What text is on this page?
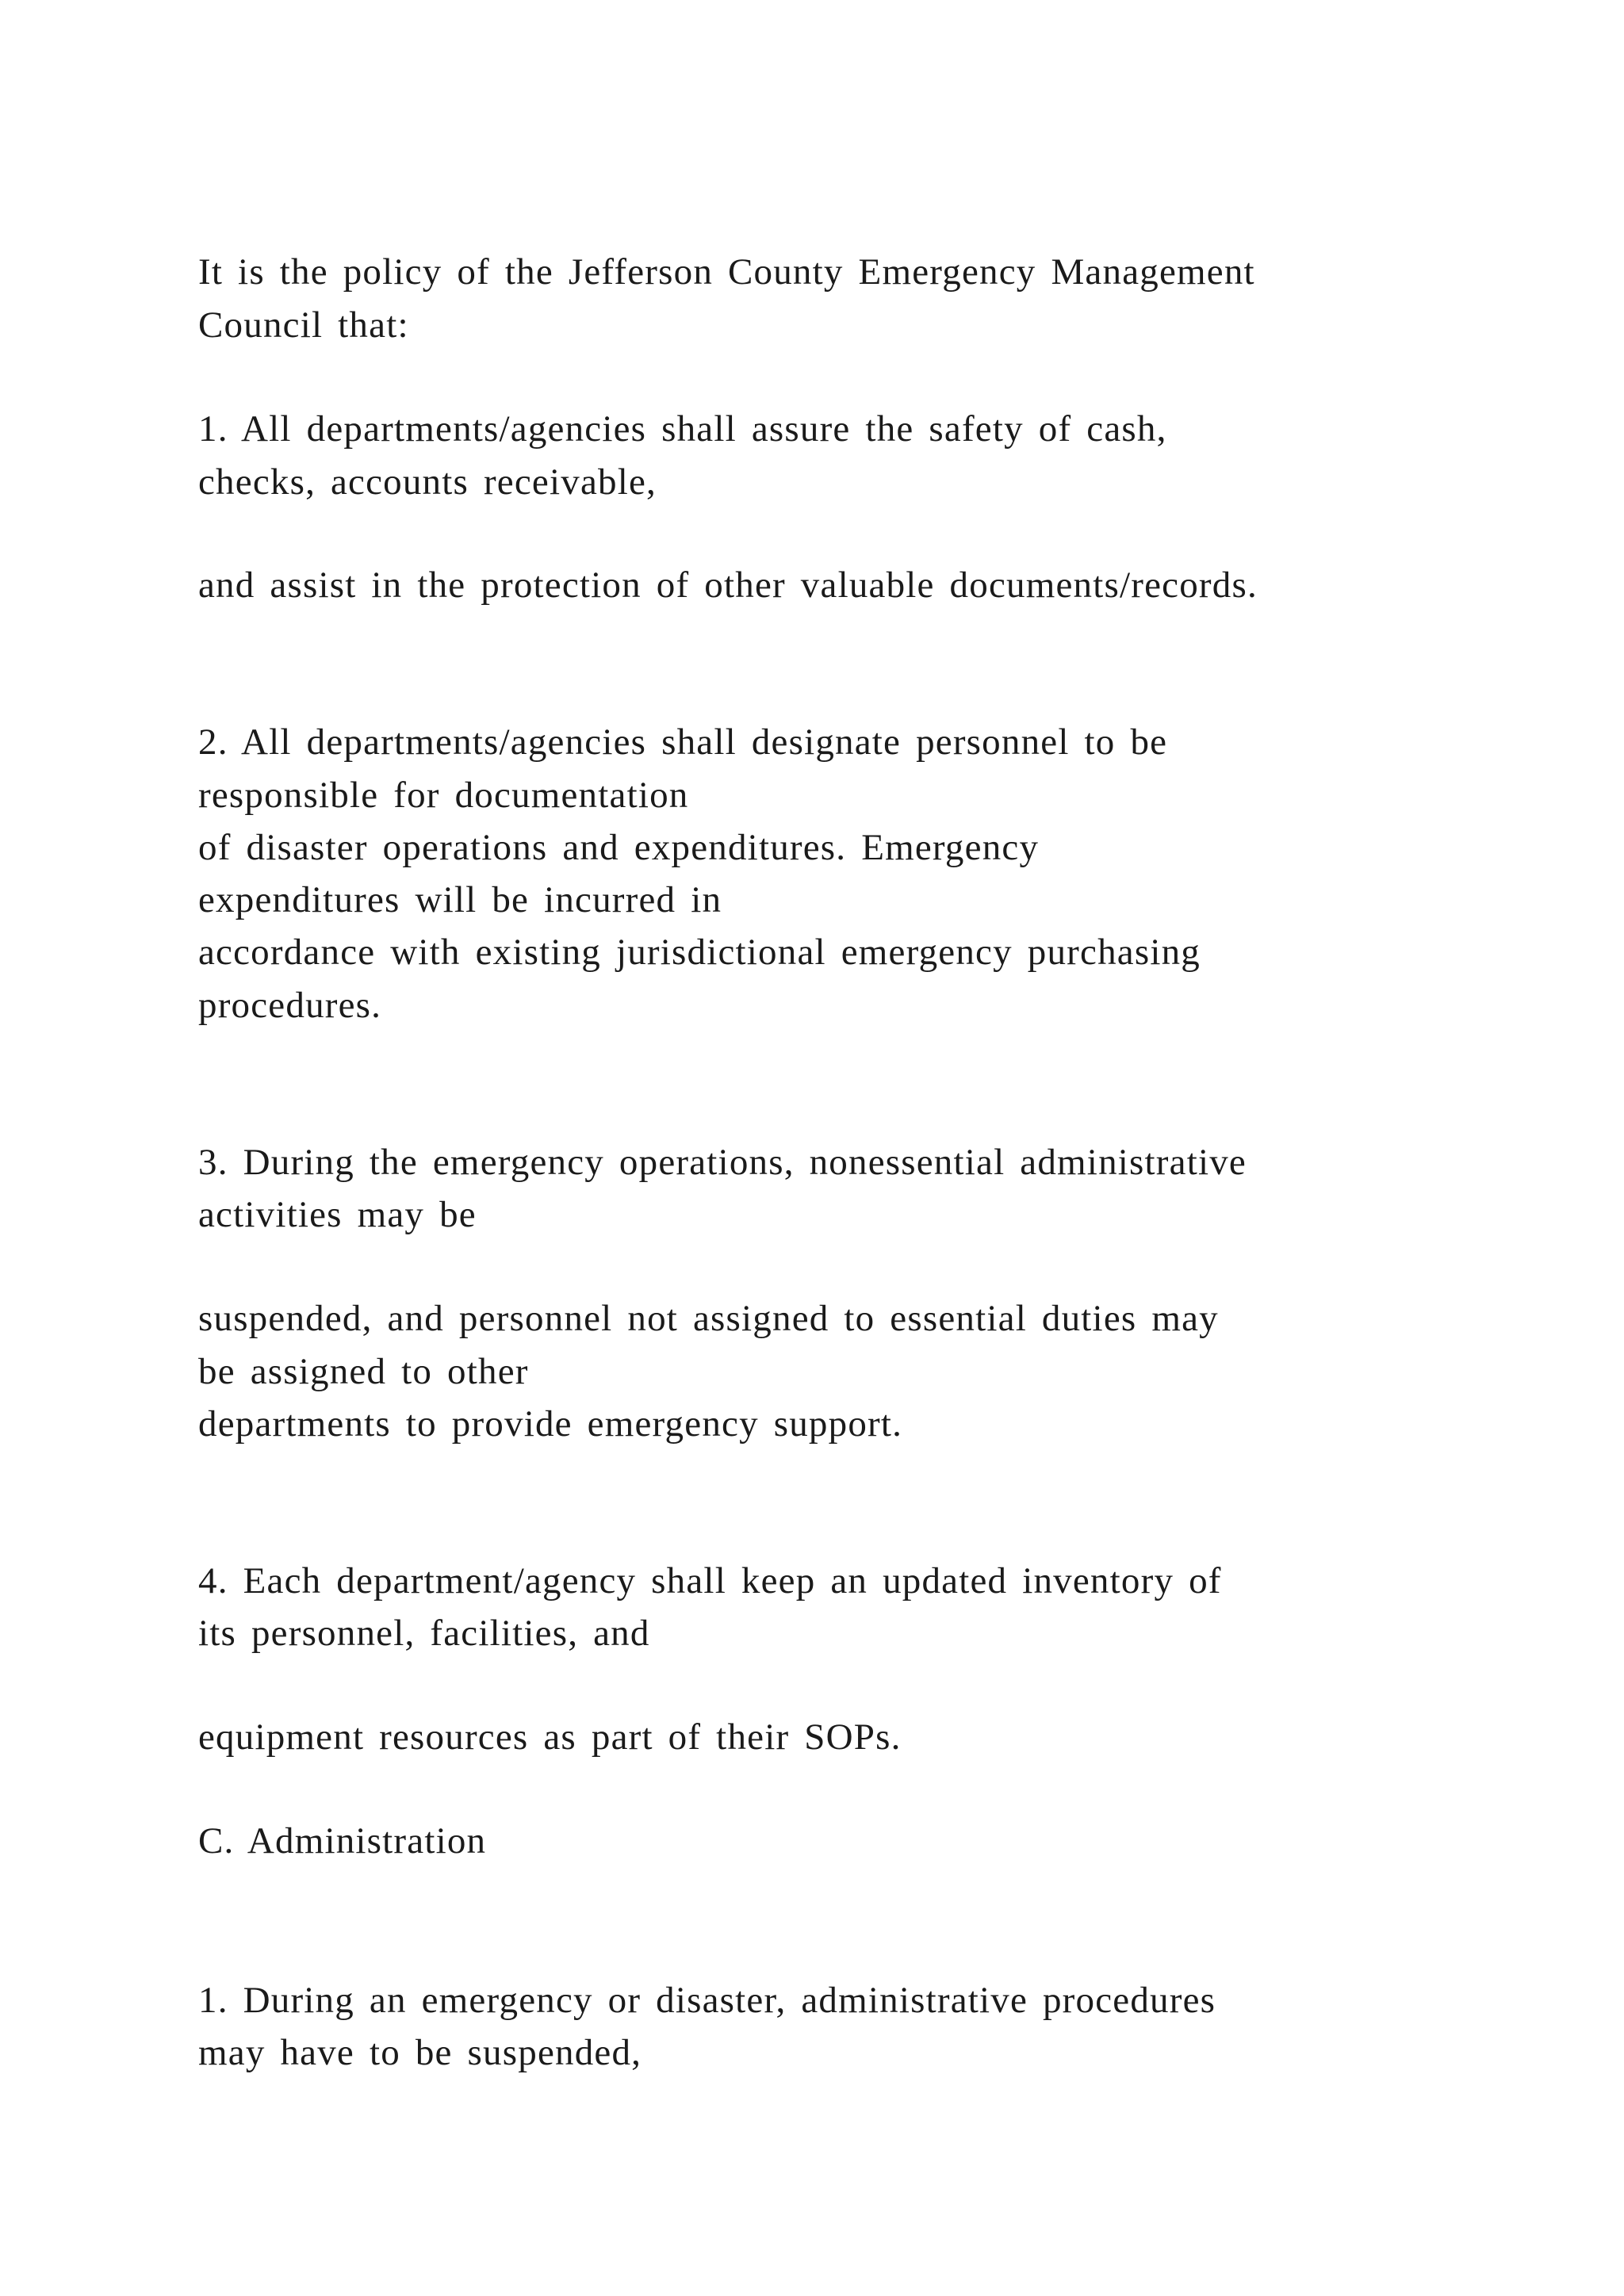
It is the policy of the Jefferson County Emergency Management
Council that:
1. All departments/agencies shall assure the safety of cash,
checks, accounts receivable,
and assist in the protection of other valuable documents/records.
2. All departments/agencies shall designate personnel to be
responsible for documentation
of disaster operations and expenditures. Emergency
expenditures will be incurred in
accordance with existing jurisdictional emergency purchasing
procedures.
3. During the emergency operations, nonessential administrative
activities may be
suspended, and personnel not assigned to essential duties may
be assigned to other
departments to provide emergency support.
4. Each department/agency shall keep an updated inventory of
its personnel, facilities, and
equipment resources as part of their SOPs.
C. Administration
1. During an emergency or disaster, administrative procedures
may have to be suspended,
